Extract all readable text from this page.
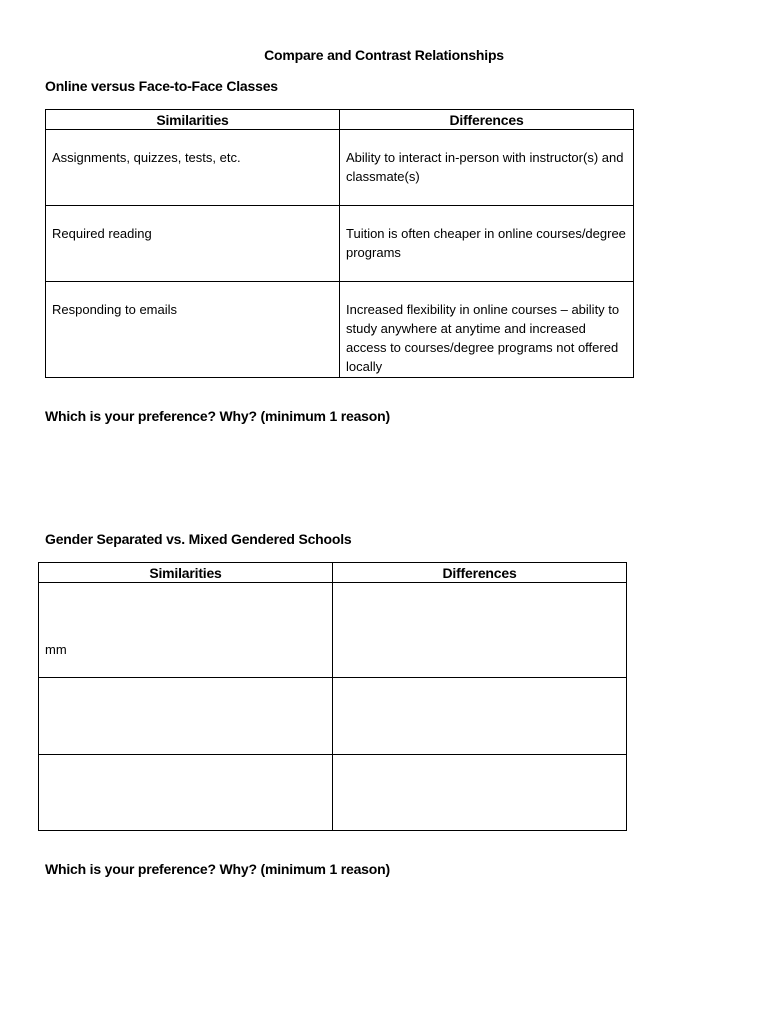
Compare and Contrast Relationships
Online versus Face-to-Face Classes
Similarities	Differences

Assignments, quizzes, tests, etc.	Ability to interact in-person with instructor(s) and classmate(s)

Required reading	Tuition is often cheaper in online courses/degree programs

Responding to emails	Increased flexibility in online courses – ability to study anywhere at anytime and increased access to courses/degree programs not offered locally
Which is your preference? Why? (minimum 1 reason)
Gender Separated vs. Mixed Gendered Schools
Similarities	Differences

mm	

Which is your preference? Why? (minimum 1 reason)
